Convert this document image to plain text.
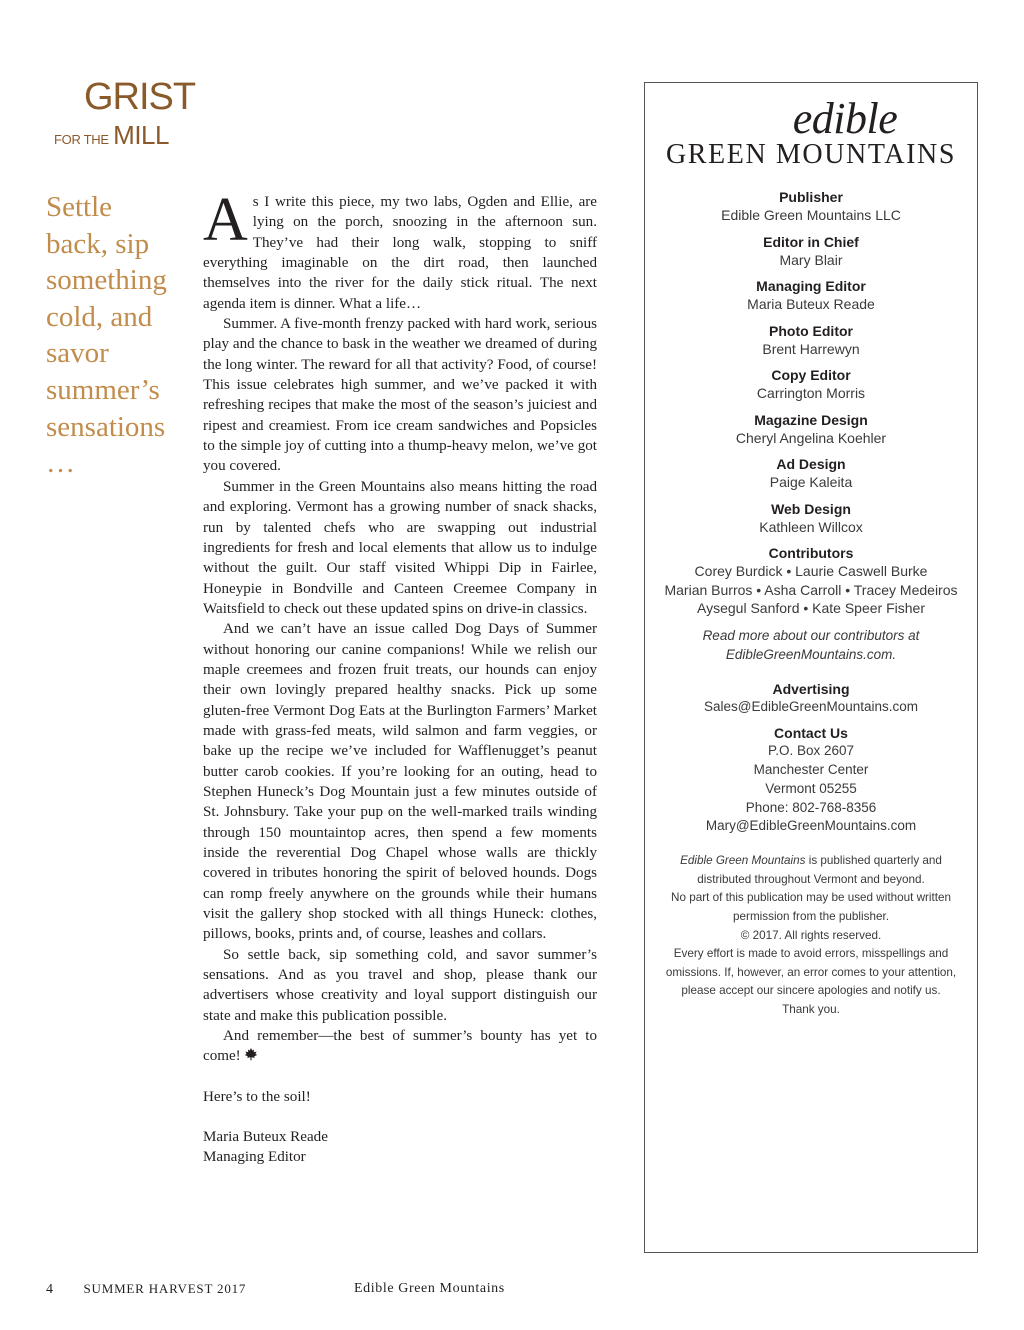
GRIST
FOR THE MILL
Settle back, sip something cold, and savor summer’s sensations …

As I write this piece, my two labs, Ogden and Ellie, are lying on the porch, snoozing in the afternoon sun. They’ve had their long walk, stopping to sniff everything imaginable on the dirt road, then launched themselves into the river for the daily stick ritual. The next agenda item is dinner. What a life…

Summer. A five-month frenzy packed with hard work, serious play and the chance to bask in the weather we dreamed of during the long winter. The reward for all that activity? Food, of course! This issue celebrates high summer, and we’ve packed it with refreshing recipes that make the most of the season’s juiciest and ripest and creamiest. From ice cream sandwiches and Popsicles to the simple joy of cutting into a thump-heavy melon, we’ve got you covered.

Summer in the Green Mountains also means hitting the road and exploring. Vermont has a growing number of snack shacks, run by talented chefs who are swapping out industrial ingredients for fresh and local elements that allow us to indulge without the guilt. Our staff visited Whippi Dip in Fairlee, Honeypie in Bondville and Canteen Creemee Company in Waitsfield to check out these updated spins on drive-in classics.

And we can’t have an issue called Dog Days of Summer without honoring our canine companions! While we relish our maple creemees and frozen fruit treats, our hounds can enjoy their own lovingly prepared healthy snacks. Pick up some gluten-free Vermont Dog Eats at the Burlington Farmers’ Market made with grass-fed meats, wild salmon and farm veggies, or bake up the recipe we’ve included for Wafflenugget’s peanut butter carob cookies. If you’re looking for an outing, head to Stephen Huneck’s Dog Mountain just a few minutes outside of St. Johnsbury. Take your pup on the well-marked trails winding through 150 mountaintop acres, then spend a few moments inside the reverential Dog Chapel whose walls are thickly covered in tributes honoring the spirit of beloved hounds. Dogs can romp freely anywhere on the grounds while their humans visit the gallery shop stocked with all things Huneck: clothes, pillows, books, prints and, of course, leashes and collars.

So settle back, sip something cold, and savor summer’s sensations. And as you travel and shop, please thank our advertisers whose creativity and loyal support distinguish our state and make this publication possible.

And remember—the best of summer’s bounty has yet to come!

Here’s to the soil!

Maria Buteux Reade

Managing Editor

edible
GREEN MOUNTAINS
Publisher
Edible Green Mountains LLC
Editor in Chief
Mary Blair
Managing Editor
Maria Buteux Reade
Photo Editor
Brent Harrewyn
Copy Editor
Carrington Morris
Magazine Design
Cheryl Angelina Koehler
Ad Design
Paige Kaleita
Web Design
Kathleen Willcox
Contributors
Corey Burdick • Laurie Caswell Burke
Marian Burros • Asha Carroll • Tracey Medeiros
Aysegul Sanford • Kate Speer Fisher
Read more about our contributors at
EdibleGreenMountains.com.
Advertising
Sales@EdibleGreenMountains.com
Contact Us
P.O. Box 2607
Manchester Center
Vermont 05255
Phone: 802-768-8356
Mary@EdibleGreenMountains.com
Edible Green Mountains is published quarterly and
distributed throughout Vermont and beyond.
No part of this publication may be used without written
permission from the publisher.
© 2017. All rights reserved.
Every effort is made to avoid errors, misspellings and
omissions. If, however, an error comes to your attention,
please accept our sincere apologies and notify us.
Thank you.
4 SUMMER HARVEST 2017	Edible Green Mountains
